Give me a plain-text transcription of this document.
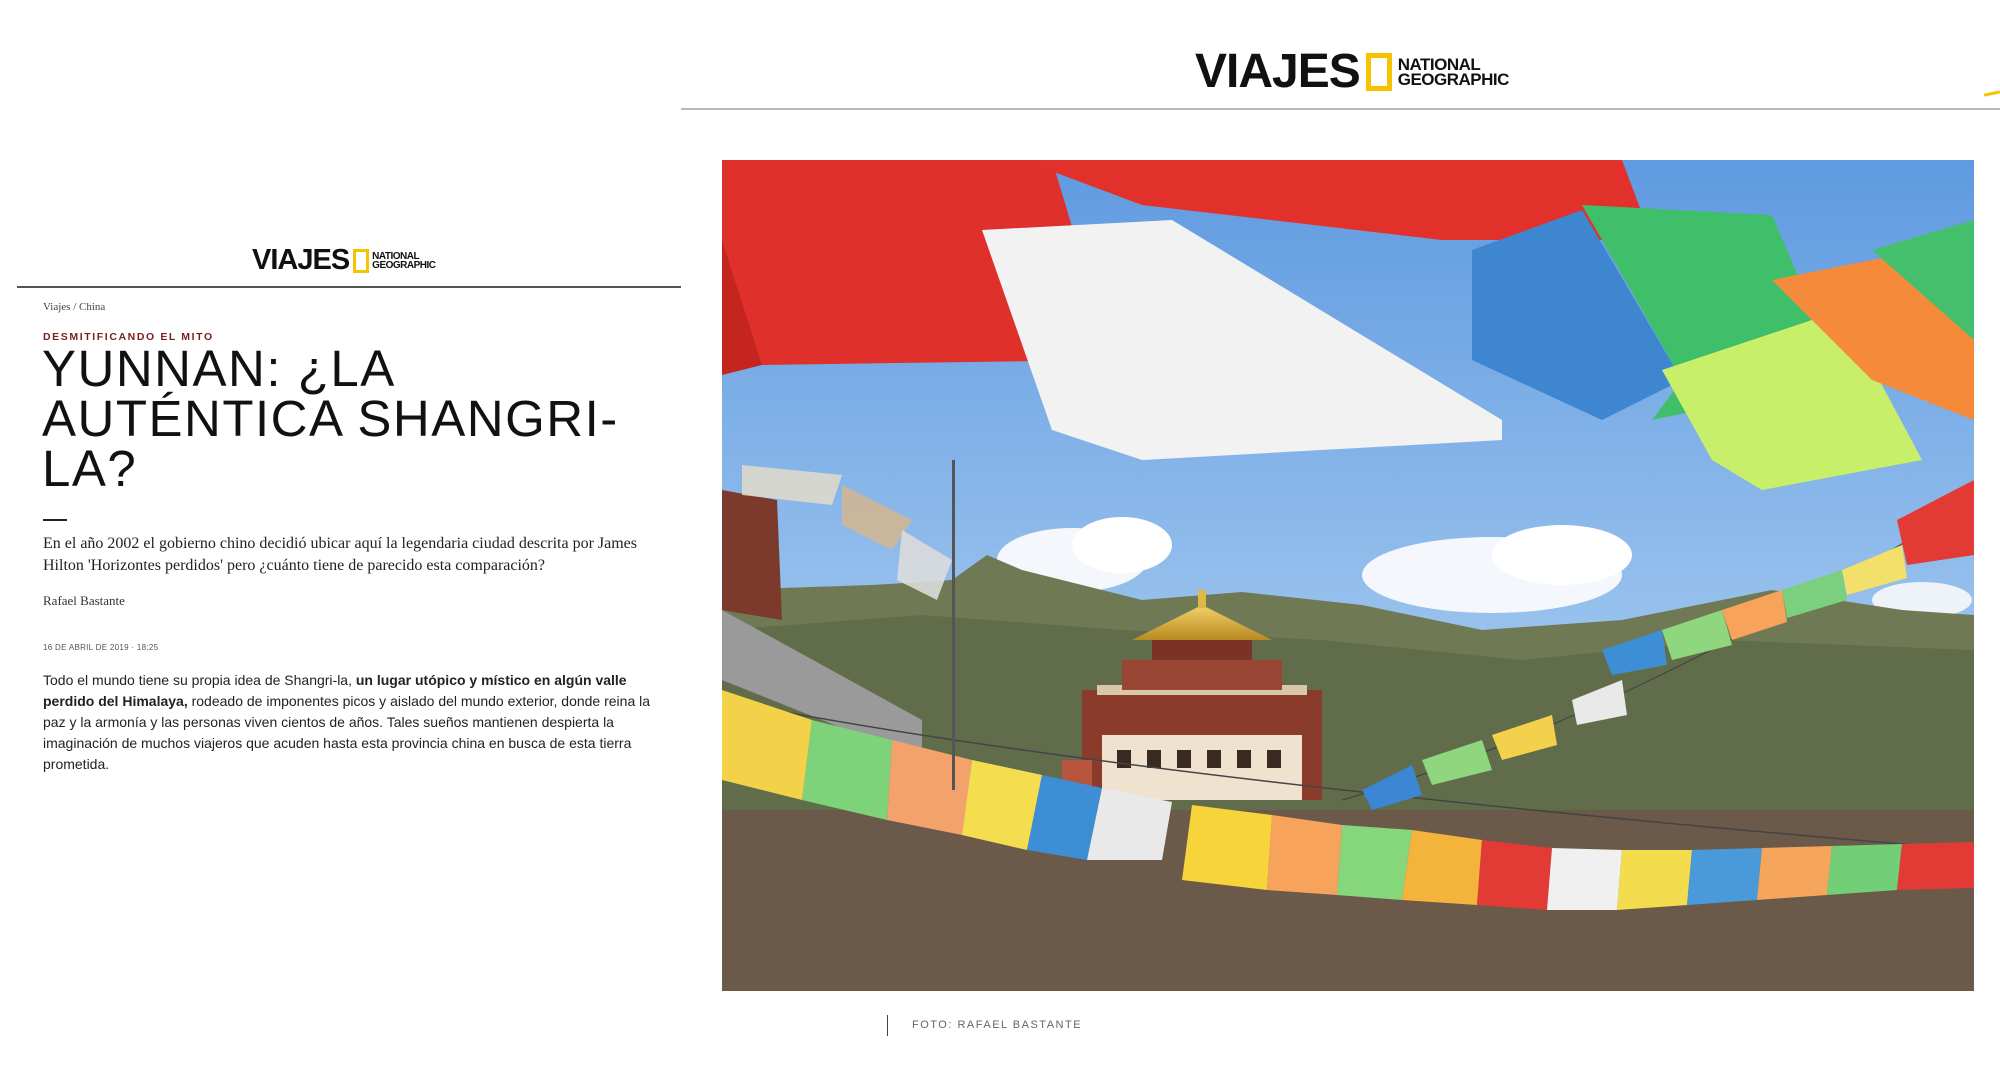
VIAJES NATIONAL GEOGRAPHIC
VIAJES NATIONAL GEOGRAPHIC
Viajes / China
DESMITIFICANDO EL MITO
YUNNAN: ¿LA AUTÉNTICA SHANGRI-LA?

En el año 2002 el gobierno chino decidió ubicar aquí la legendaria ciudad descrita por James Hilton 'Horizontes perdidos' pero ¿cuánto tiene de parecido esta comparación?

Rafael Bastante
16 DE ABRIL DE 2019 · 18:25

Todo el mundo tiene su propia idea de Shangri-la, un lugar utópico y místico en algún valle perdido del Himalaya, rodeado de imponentes picos y aislado del mundo exterior, donde reina la paz y la armonía y las personas viven cientos de años. Tales sueños mantienen despierta la imaginación de muchos viajeros que acuden hasta esta provincia china en busca de esta tierra prometida.

FOTO: RAFAEL BASTANTE
